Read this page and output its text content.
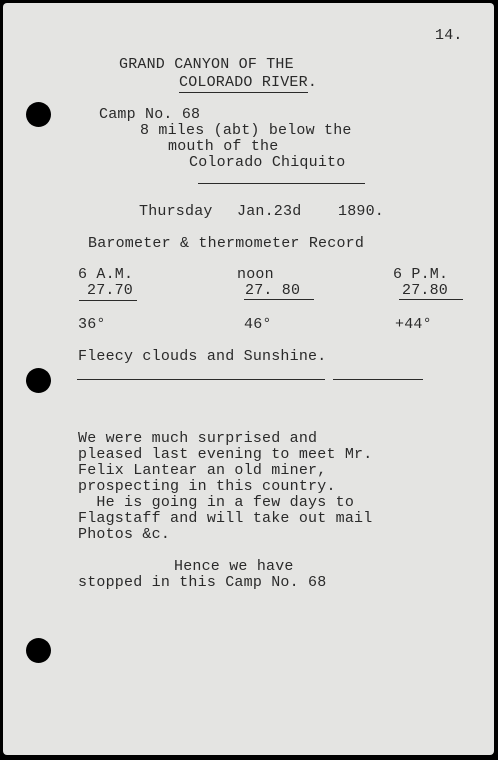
14.
GRAND CANYON OF THE
COLORADO RIVER.
Camp No. 68
8 miles (abt) below the
mouth of the
Colorado Chiquito
Thursday Jan.23d 1890.
Barometer & thermometer Record
6 A.M.	noon	6 P.M.
27.70	27. 80	27.80
36°	46°	+44°
Fleecy clouds and Sunshine.
We were much surprised and
pleased last evening to meet Mr.
Felix Lantear an old miner,
prospecting in this country.
He is going in a few days to
Flagstaff and will take out mail
Photos &c.
Hence we have
stopped in this Camp No. 68
